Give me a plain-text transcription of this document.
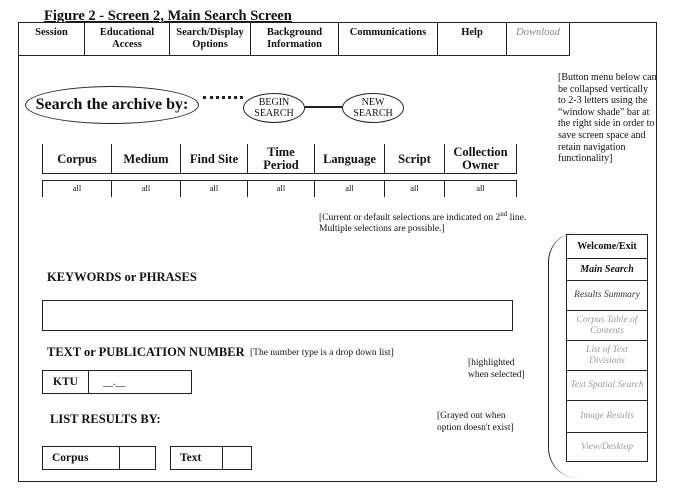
Figure 2 - Screen 2, Main Search Screen
Session	Educational Access
Search/Display Options
Background Information
Communications	Help	Download
Search the archive by:	BEGIN SEARCH
NEW SEARCH
Corpus	Medium	Find Site	Time Period	Language	Script	Collection Owner
all	all	all	all	all	all	all
[Current or default selections are indicated on 2nd line. Multiple selections are possible.]
KEYWORDS or PHRASES
TEXT or PUBLICATION NUMBER [The number type is a drop down list]
KTU	__.__
[highlighted when selected]
[Grayed out when option doesn't exist]
LIST RESULTS BY:
Corpus	Text
[Button menu below can be collapsed vertically to 2-3 letters using the “window shade” bar at the right side in order to save screen space and retain navigation functionality]
Welcome/Exit
Main Search
Results Summary
Corpus Table of Contents
List of Text Divisions
Text Spatial Search
Image Results
View/Desktop
